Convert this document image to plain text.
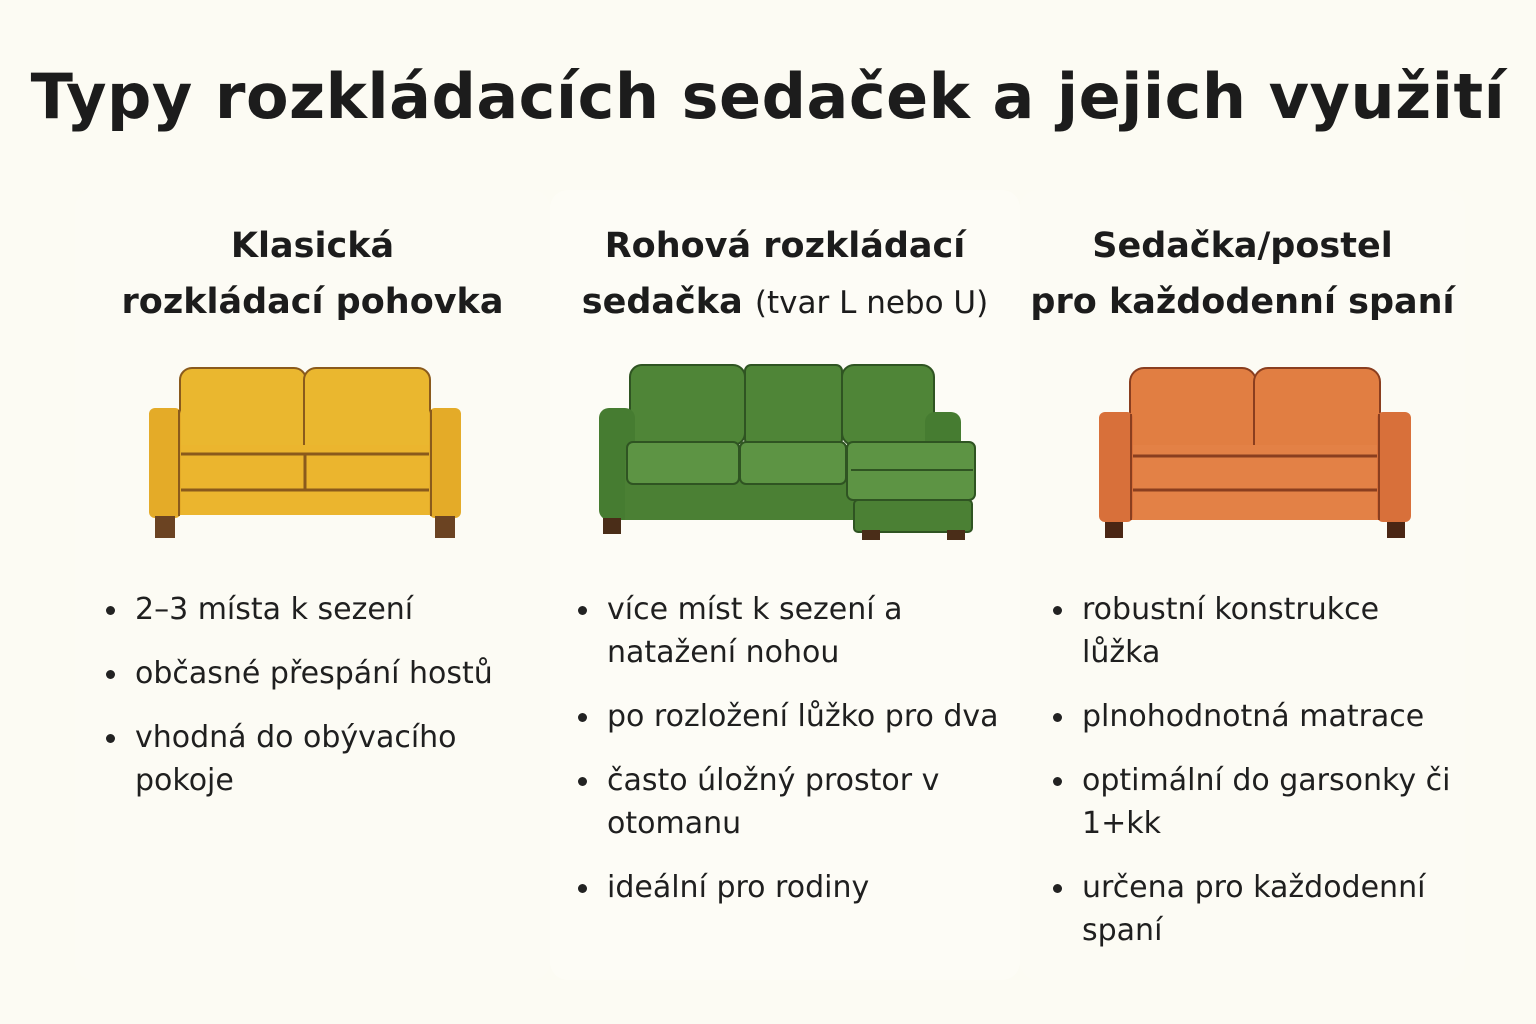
Typy rozkládacích sedaček a jejich využití
Klasická
rozkládací pohovka
2–3 místa k sezení
občasné přespání hostů
vhodná do obývacího pokoje
Rohová rozkládací
sedačka (tvar L nebo U)
více míst k sezení a natažení nohou
po rozložení lůžko pro dva
často úložný prostor v otomanu
ideální pro rodiny
Sedačka/postel
pro každodenní spaní
robustní konstrukce lůžka
plnohodnotná matrace
optimální do garsonky či 1+kk
určena pro každodenní spaní
